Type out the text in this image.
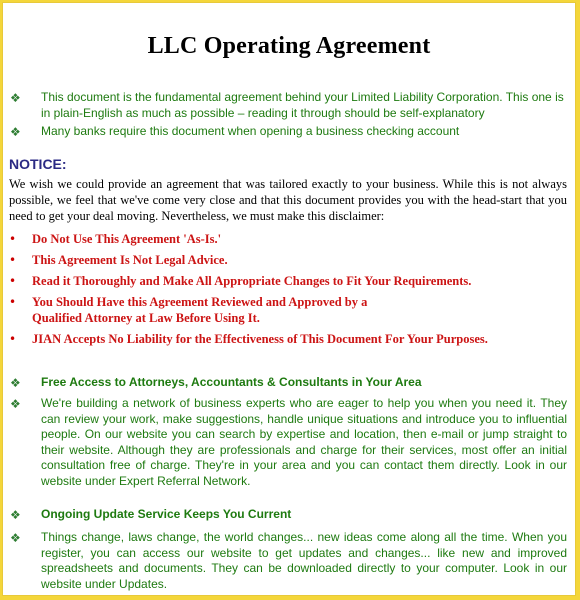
LLC Operating Agreement
❖ This document is the fundamental agreement behind your Limited Liability Corporation. This one is in plain-English as much as possible – reading it through should be self-explanatory
❖ Many banks require this document when opening a business checking account
NOTICE:
We wish we could provide an agreement that was tailored exactly to your business. While this is not always possible, we feel that we've come very close and that this document provides you with the head-start that you need to get your deal moving. Nevertheless, we must make this disclaimer:
• Do Not Use This Agreement 'As-Is.'
• This Agreement Is Not Legal Advice.
• Read it Thoroughly and Make All Appropriate Changes to Fit Your Requirements.
• You Should Have this Agreement Reviewed and Approved by a
Qualified Attorney at Law Before Using It.
• JIAN Accepts No Liability for the Effectiveness of This Document For Your Purposes.
❖ Free Access to Attorneys, Accountants & Consultants in Your Area
❖ We're building a network of business experts who are eager to help you when you need it. They can review your work, make suggestions, handle unique situations and introduce you to influential people. On our website you can search by expertise and location, then e-mail or jump straight to their website. Although they are professionals and charge for their services, most offer an initial consultation free of charge. They're in your area and you can contact them directly. Look in our website under Expert Referral Network.
❖ Ongoing Update Service Keeps You Current
❖ Things change, laws change, the world changes... new ideas come along all the time. When you register, you can access our website to get updates and changes... like new and improved spreadsheets and documents. They can be downloaded directly to your computer. Look in our website under Updates.
